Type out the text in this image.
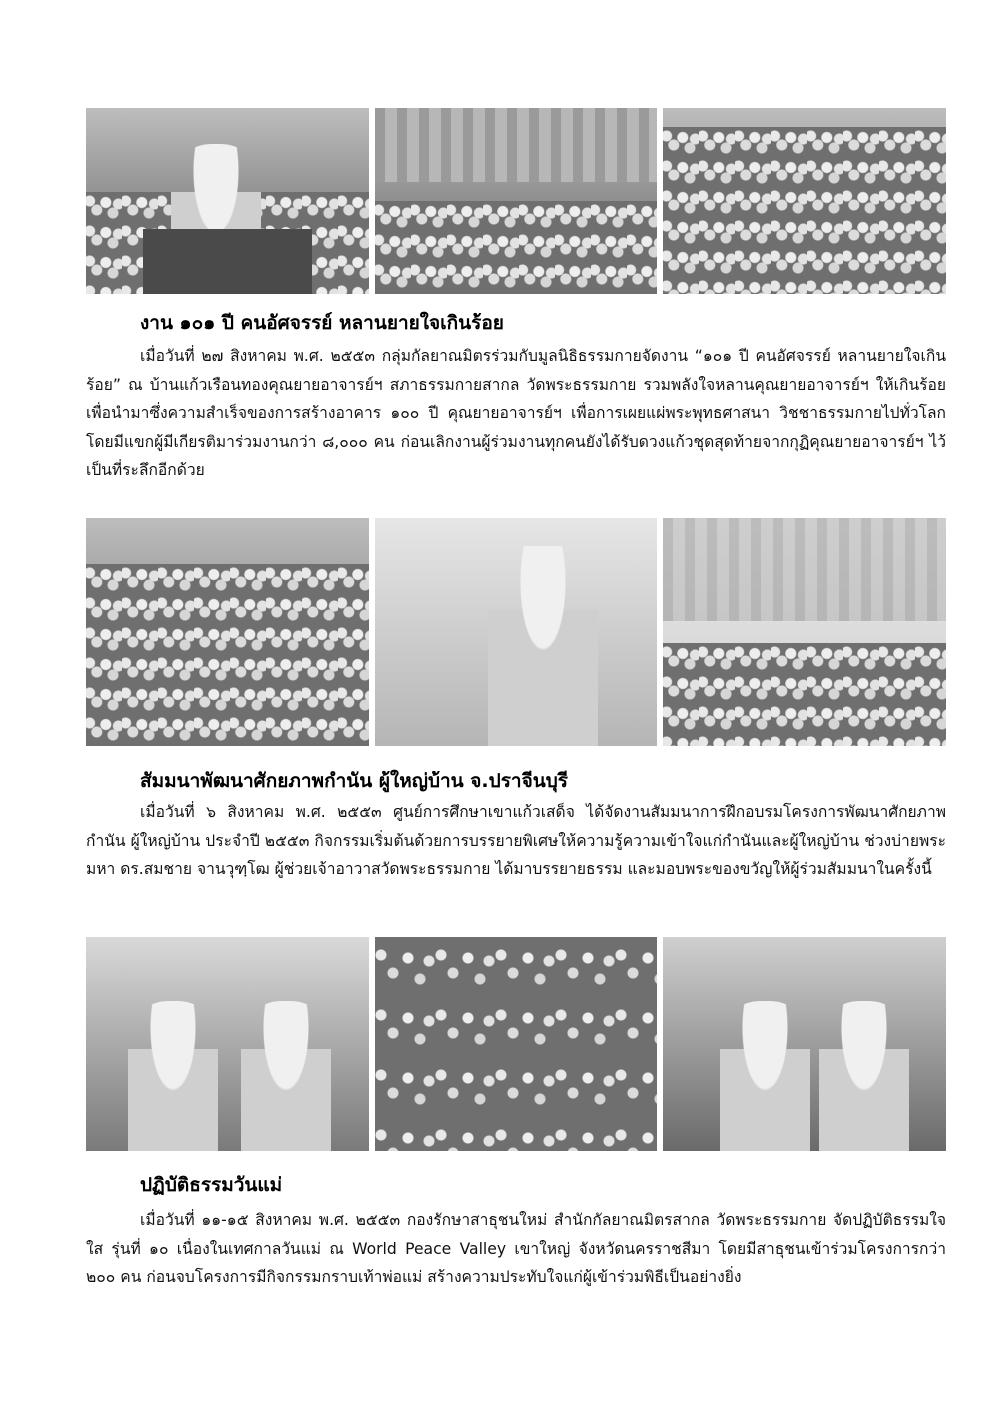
งาน ๑๐๑ ปี คนอัศจรรย์ หลานยายใจเกินร้อย
เมื่อวันที่ ๒๗ สิงหาคม พ.ศ. ๒๕๕๓ กลุ่มกัลยาณมิตรร่วมกับมูลนิธิธรรมกายจัดงาน “๑๐๑ ปี คนอัศจรรย์ หลานยายใจเกินร้อย” ณ บ้านแก้วเรือนทองคุณยายอาจารย์ฯ สภาธรรมกายสากล วัดพระธรรมกาย รวมพลังใจหลานคุณยายอาจารย์ฯ ให้เกินร้อย เพื่อนำมาซึ่งความสำเร็จของการสร้างอาคาร ๑๐๐ ปี คุณยายอาจารย์ฯ เพื่อการเผยแผ่พระพุทธศาสนา วิชชาธรรมกายไปทั่วโลก โดยมีแขกผู้มีเกียรติมาร่วมงานกว่า ๘,๐๐๐ คน ก่อนเลิกงานผู้ร่วมงานทุกคนยังได้รับดวงแก้วชุดสุดท้ายจากกุฏิคุณยายอาจารย์ฯ ไว้เป็นที่ระลึกอีกด้วย
สัมมนาพัฒนาศักยภาพกำนัน ผู้ใหญ่บ้าน จ.ปราจีนบุรี
เมื่อวันที่ ๖ สิงหาคม พ.ศ. ๒๕๕๓ ศูนย์การศึกษาเขาแก้วเสด็จ ได้จัดงานสัมมนาการฝึกอบรมโครงการพัฒนาศักยภาพกำนัน ผู้ใหญ่บ้าน ประจำปี ๒๕๕๓ กิจกรรมเริ่มต้นด้วยการบรรยายพิเศษให้ความรู้ความเข้าใจแก่กำนันและผู้ใหญ่บ้าน ช่วงบ่ายพระมหา ดร.สมชาย จานวุฑฺโฒ ผู้ช่วยเจ้าอาวาสวัดพระธรรมกาย ได้มาบรรยายธรรม และมอบพระของขวัญให้ผู้ร่วมสัมมนาในครั้งนี้
ปฏิบัติธรรมวันแม่
เมื่อวันที่ ๑๑-๑๕ สิงหาคม พ.ศ. ๒๕๕๓ กองรักษาสาธุชนใหม่ สำนักกัลยาณมิตรสากล วัดพระธรรมกาย จัดปฏิบัติธรรมใจใส รุ่นที่ ๑๐ เนื่องในเทศกาลวันแม่ ณ World Peace Valley เขาใหญ่ จังหวัดนครราชสีมา โดยมีสาธุชนเข้าร่วมโครงการกว่า ๒๐๐ คน ก่อนจบโครงการมีกิจกรรมกราบเท้าพ่อแม่ สร้างความประทับใจแก่ผู้เข้าร่วมพิธีเป็นอย่างยิ่ง
